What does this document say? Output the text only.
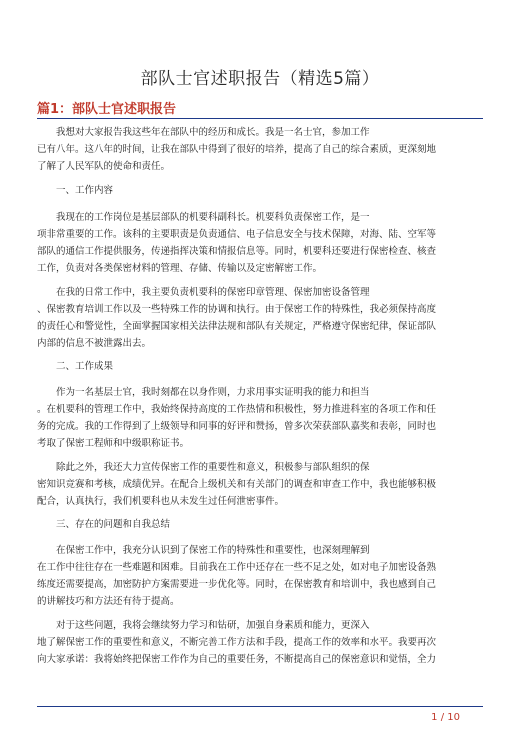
部队士官述职报告（精选5篇）
篇1：部队士官述职报告
我想对大家报告我这些年在部队中的经历和成长。我是一名士官，参加工作
已有八年。这八年的时间，让我在部队中得到了很好的培养，提高了自己的综合素质，更深刻地
了解了人民军队的使命和责任。
一、工作内容
我现在的工作岗位是基层部队的机要科副科长。机要科负责保密工作，是一
项非常重要的工作。该科的主要职责是负责通信、电子信息安全与技术保障，对海、陆、空军等
部队的通信工作提供服务，传递指挥决策和情报信息等。同时，机要科还要进行保密检查、核查
工作，负责对各类保密材料的管理、存储、传输以及定密解密工作。
在我的日常工作中，我主要负责机要科的保密印章管理、保密加密设备管理
、保密教育培训工作以及一些特殊工作的协调和执行。由于保密工作的特殊性，我必须保持高度
的责任心和警觉性，全面掌握国家相关法律法规和部队有关规定，严格遵守保密纪律，保证部队
内部的信息不被泄露出去。
二、工作成果
作为一名基层士官，我时刻都在以身作则，力求用事实证明我的能力和担当
。在机要科的管理工作中，我始终保持高度的工作热情和积极性，努力推进科室的各项工作和任
务的完成。我的工作得到了上级领导和同事的好评和赞扬，曾多次荣获部队嘉奖和表彰，同时也
考取了保密工程师和中级职称证书。
除此之外，我还大力宣传保密工作的重要性和意义，积极参与部队组织的保
密知识竞赛和考核，成绩优异。在配合上级机关和有关部门的调查和审查工作中，我也能够积极
配合，认真执行，我们机要科也从未发生过任何泄密事件。
三、存在的问题和自我总结
在保密工作中，我充分认识到了保密工作的特殊性和重要性，也深刻理解到
在工作中往往存在一些难题和困难。目前我在工作中还存在一些不足之处，如对电子加密设备熟
练度还需要提高，加密防护方案需要进一步优化等。同时，在保密教育和培训中，我也感到自己
的讲解技巧和方法还有待于提高。
对于这些问题，我将会继续努力学习和钻研，加强自身素质和能力，更深入
地了解保密工作的重要性和意义，不断完善工作方法和手段，提高工作的效率和水平。我要再次
向大家承诺：我将始终把保密工作作为自己的重要任务，不断提高自己的保密意识和觉悟，全力
1 / 10
